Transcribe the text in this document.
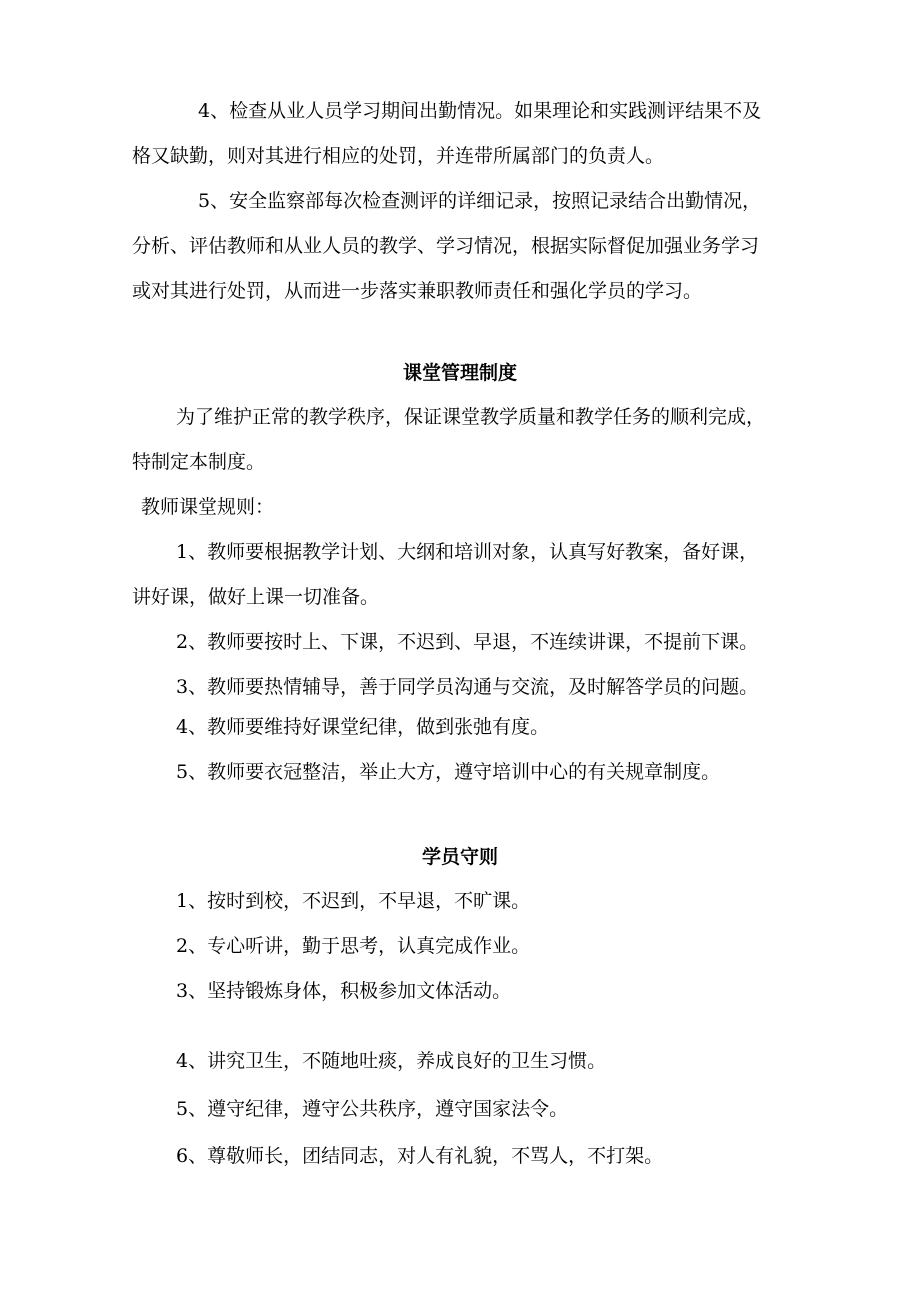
4、检查从业人员学习期间出勤情况。如果理论和实践测评结果不及

格又缺勤，则对其进行相应的处罚，并连带所属部门的负责人。

5、安全监察部每次检查测评的详细记录，按照记录结合出勤情况，

分析、评估教师和从业人员的教学、学习情况，根据实际督促加强业务学习

或对其进行处罚，从而进一步落实兼职教师责任和强化学员的学习。

课堂管理制度

为了维护正常的教学秩序，保证课堂教学质量和教学任务的顺利完成，

特制定本制度。

教师课堂规则：

1、教师要根据教学计划、大纲和培训对象，认真写好教案，备好课，

讲好课，做好上课一切准备。

2、教师要按时上、下课，不迟到、早退，不连续讲课，不提前下课。

3、教师要热情辅导，善于同学员沟通与交流，及时解答学员的问题。

4、教师要维持好课堂纪律，做到张弛有度。

5、教师要衣冠整洁，举止大方，遵守培训中心的有关规章制度。

学员守则

1、按时到校，不迟到，不早退，不旷课。

2、专心听讲，勤于思考，认真完成作业。

3、坚持锻炼身体，积极参加文体活动。

4、讲究卫生，不随地吐痰，养成良好的卫生习惯。

5、遵守纪律，遵守公共秩序，遵守国家法令。

6、尊敬师长，团结同志，对人有礼貌，不骂人，不打架。
